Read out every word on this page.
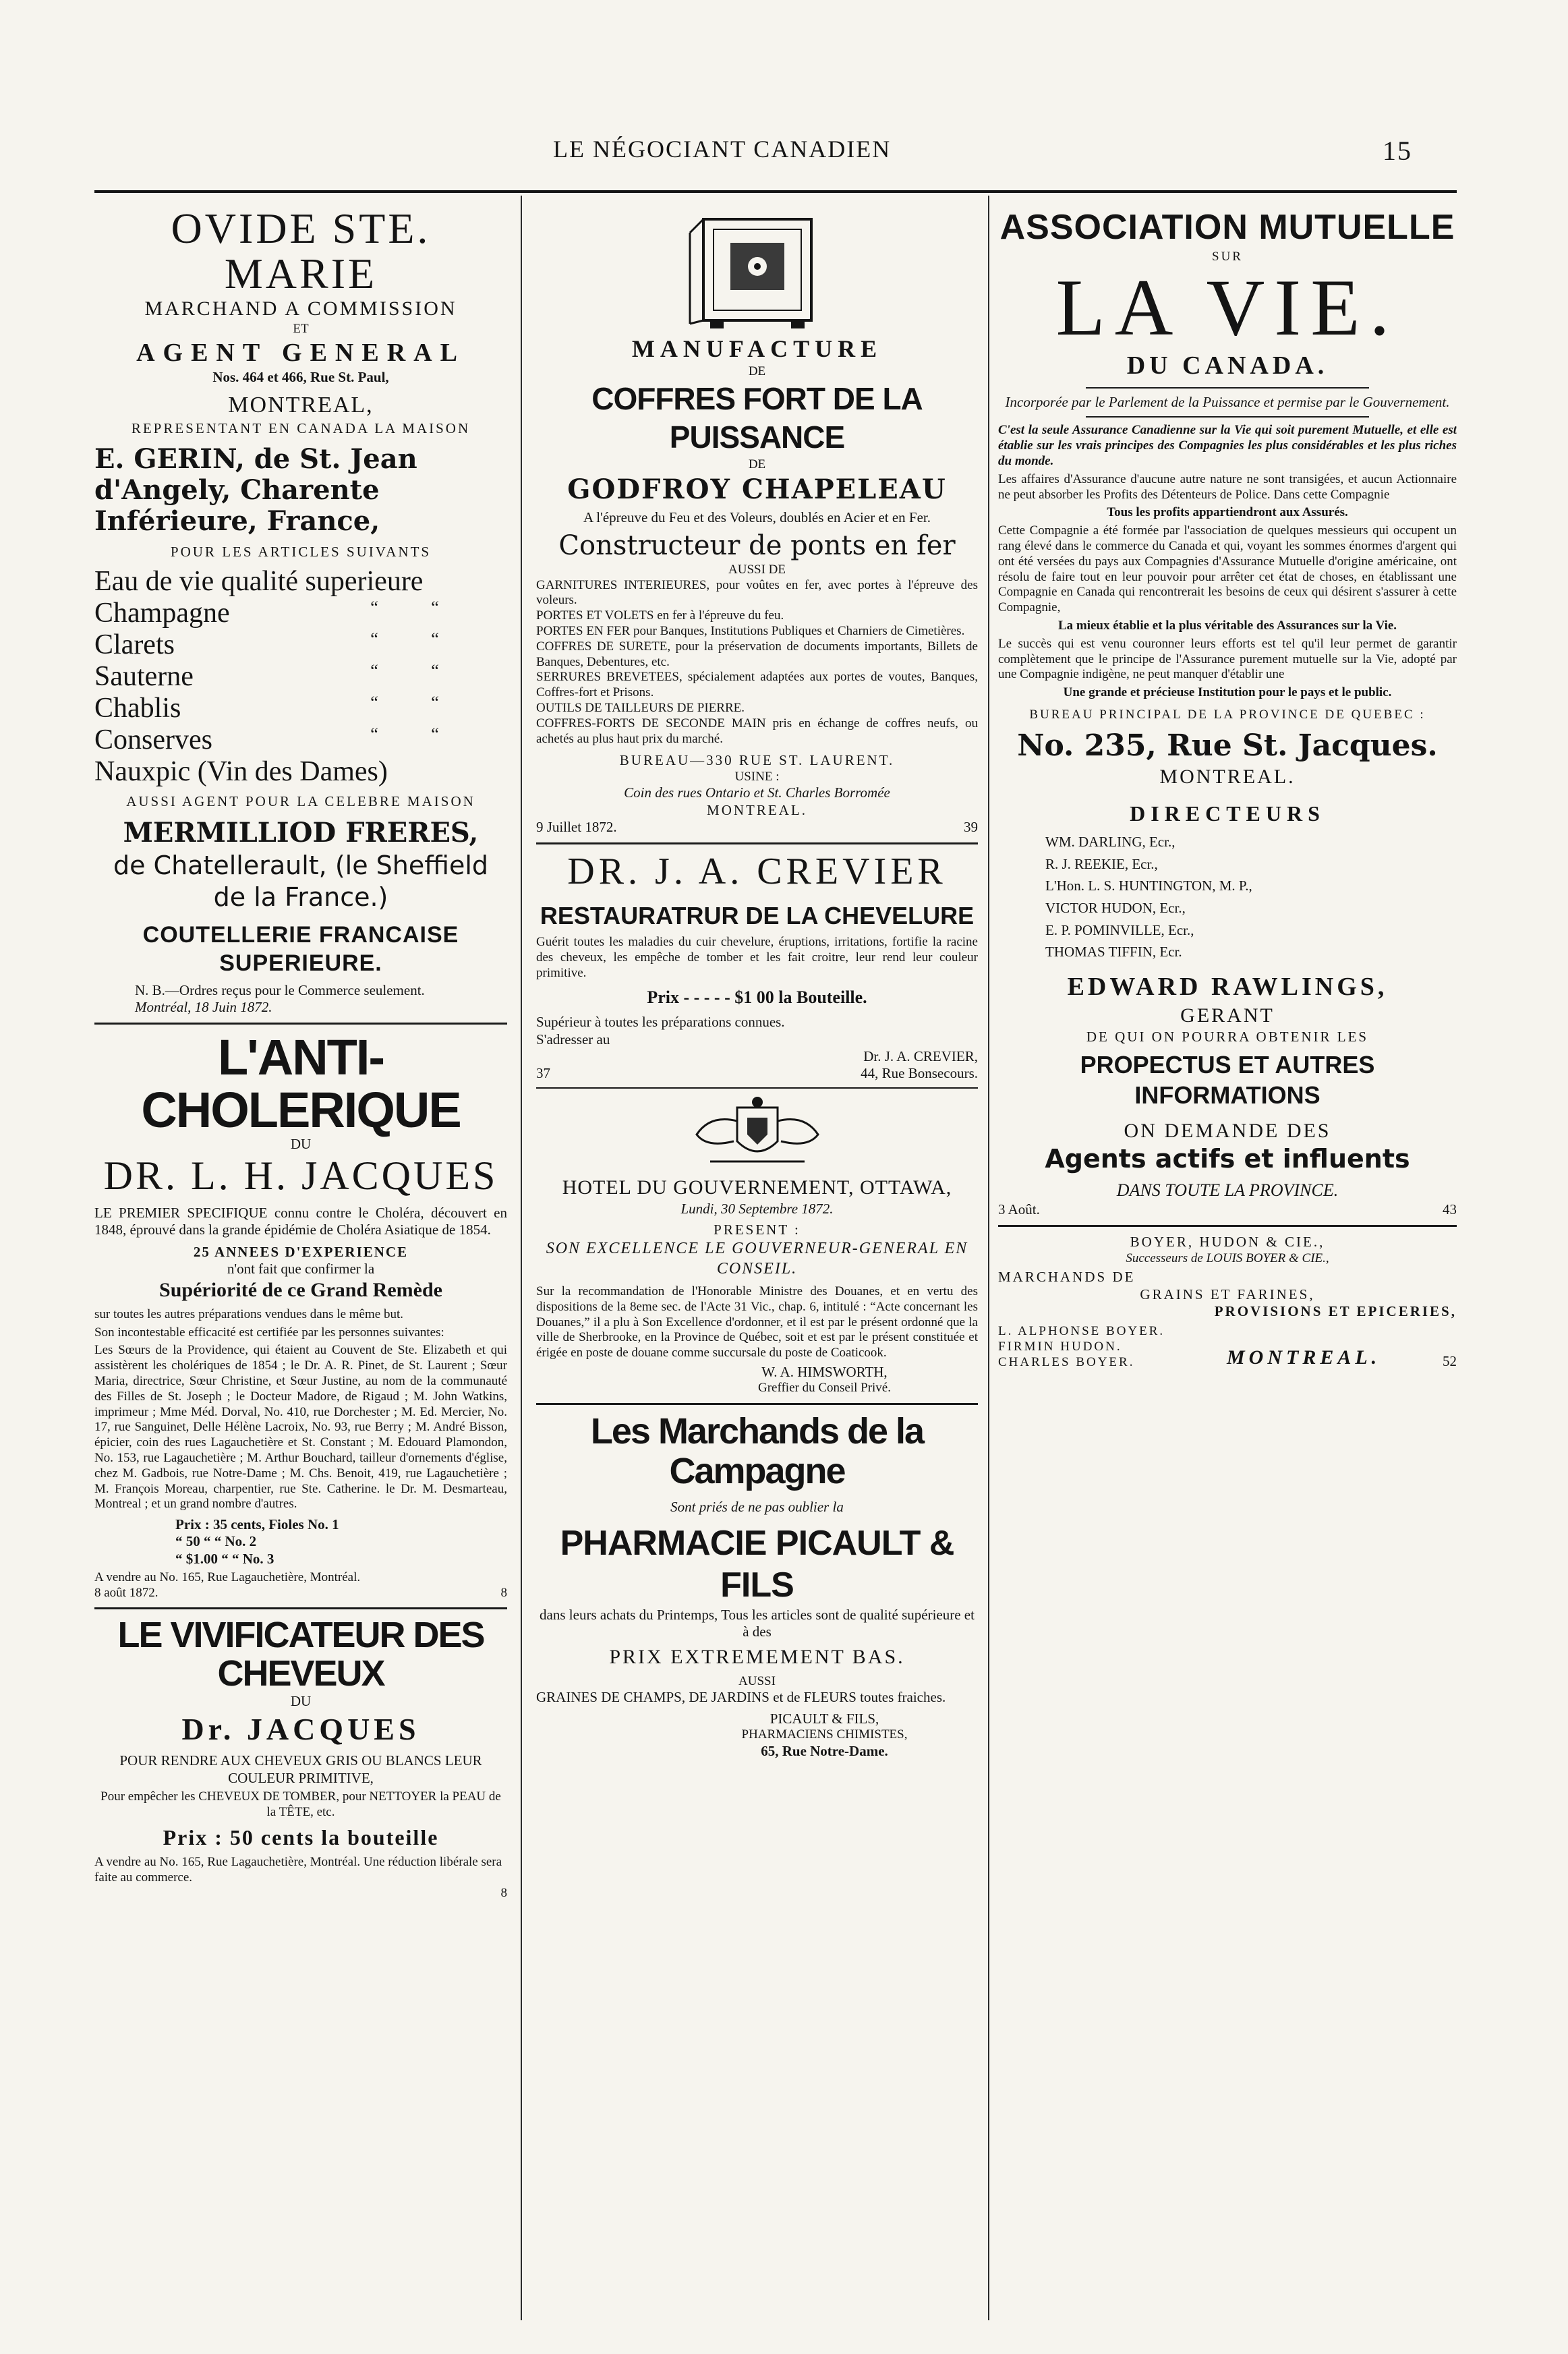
LE NÉGOCIANT CANADIEN	15
OVIDE STE. MARIE
MARCHAND A COMMISSION
ET
AGENT GENERAL
Nos. 464 et 466, Rue St. Paul,
MONTREAL,
REPRESENTANT EN CANADA LA MAISON
E. GERIN, de St. Jean d'Angely, Charente Inférieure, France,
POUR LES ARTICLES SUIVANTS
Eau de vie qualité superieure
Champagne	“	“
Clarets	“	“
Sauterne	“	“
Chablis	“	“
Conserves	“	“
Nauxpic (Vin des Dames)
AUSSI AGENT POUR LA CELEBRE MAISON
MERMILLIOD FRERES,
de Chatellerault, (le Sheffield de la France.)
COUTELLERIE FRANCAISE SUPERIEURE.
N. B.—Ordres reçus pour le Commerce seulement.
Montréal, 18 Juin 1872.
L'ANTI-CHOLERIQUE
DU
DR. L. H. JACQUES
LE PREMIER SPECIFIQUE connu contre le Choléra, découvert en 1848, éprouvé dans la grande épidémie de Choléra Asiatique de 1854.
25 ANNEES D'EXPERIENCE
n'ont fait que confirmer la
Supériorité de ce Grand Remède
sur toutes les autres préparations vendues dans le même but.
Son incontestable efficacité est certifiée par les personnes suivantes:
Les Sœurs de la Providence, qui étaient au Couvent de Ste. Elizabeth et qui assistèrent les cholériques de 1854 ; le Dr. A. R. Pinet, de St. Laurent ; Sœur Maria, directrice, Sœur Christine, et Sœur Justine, au nom de la communauté des Filles de St. Joseph ; le Docteur Madore, de Rigaud ; M. John Watkins, imprimeur ; Mme Méd. Dorval, No. 410, rue Dorchester ; M. Ed. Mercier, No. 17, rue Sanguinet, Delle Hélène Lacroix, No. 93, rue Berry ; M. André Bisson, épicier, coin des rues Lagauchetière et St. Constant ; M. Edouard Plamondon, No. 153, rue Lagauchetière ; M. Arthur Bouchard, tailleur d'ornements d'église, chez M. Gadbois, rue Notre-Dame ; M. Chs. Benoit, 419, rue Lagauchetière ; M. François Moreau, charpentier, rue Ste. Catherine. le Dr. M. Desmarteau, Montreal ; et un grand nombre d'autres.
Prix : 35 cents, Fioles No. 1
“ 50 “ “ No. 2
“ $1.00 “ “ No. 3
A vendre au No. 165, Rue Lagauchetière, Montréal.
8 août 1872.	8
LE VIVIFICATEUR DES CHEVEUX
DU
Dr. JACQUES
POUR RENDRE AUX CHEVEUX GRIS OU BLANCS LEUR COULEUR PRIMITIVE,
Pour empêcher les CHEVEUX DE TOMBER, pour NETTOYER la PEAU de la TÊTE, etc.
Prix : 50 cents la bouteille
A vendre au No. 165, Rue Lagauchetière, Montréal. Une réduction libérale sera faite au commerce.
8
MANUFACTURE
DE
COFFRES FORT DE LA PUISSANCE
DE
GODFROY CHAPELEAU
A l'épreuve du Feu et des Voleurs, doublés en Acier et en Fer.
Constructeur de ponts en fer
AUSSI DE
GARNITURES INTERIEURES, pour voûtes en fer, avec portes à l'épreuve des voleurs.
PORTES ET VOLETS en fer à l'épreuve du feu.
PORTES EN FER pour Banques, Institutions Publiques et Charniers de Cimetières.
COFFRES DE SURETE, pour la préservation de documents importants, Billets de Banques, Debentures, etc.
SERRURES BREVETEES, spécialement adaptées aux portes de voutes, Banques, Coffres-fort et Prisons.
OUTILS DE TAILLEURS DE PIERRE.
COFFRES-FORTS DE SECONDE MAIN pris en échange de coffres neufs, ou achetés au plus haut prix du marché.
BUREAU—330 RUE ST. LAURENT.
USINE :
Coin des rues Ontario et St. Charles Borromée
MONTREAL.
9 Juillet 1872.	39
DR. J. A. CREVIER
RESTAURATRUR DE LA CHEVELURE
Guérit toutes les maladies du cuir chevelure, éruptions, irritations, fortifie la racine des cheveux, les empêche de tomber et les fait croitre, leur rend leur couleur primitive.
Prix - - - - - $1 00 la Bouteille.
Supérieur à toutes les préparations connues.
S'adresser au
Dr. J. A. CREVIER,
37	44, Rue Bonsecours.
HOTEL DU GOUVERNEMENT, OTTAWA,
Lundi, 30 Septembre 1872.
PRESENT :
SON EXCELLENCE LE GOUVERNEUR-GENERAL EN CONSEIL.
Sur la recommandation de l'Honorable Ministre des Douanes, et en vertu des dispositions de la 8eme sec. de l'Acte 31 Vic., chap. 6, intitulé : “Acte concernant les Douanes,” il a plu à Son Excellence d'ordonner, et il est par le présent ordonné que la ville de Sherbrooke, en la Province de Québec, soit et est par le présent constituée et érigée en poste de douane comme succursale du poste de Coaticook.
W. A. HIMSWORTH,
Greffier du Conseil Privé.
Les Marchands de la Campagne
Sont priés de ne pas oublier la
PHARMACIE PICAULT & FILS
dans leurs achats du Printemps, Tous les articles sont de qualité supérieure et à des
PRIX EXTREMEMENT BAS.
AUSSI
GRAINES DE CHAMPS, DE JARDINS et de FLEURS toutes fraiches.
PICAULT & FILS,
PHARMACIENS CHIMISTES,
65, Rue Notre-Dame.
ASSOCIATION MUTUELLE
SUR
LA VIE.
DU CANADA.
Incorporée par le Parlement de la Puissance et permise par le Gouvernement.
C'est la seule Assurance Canadienne sur la Vie qui soit purement Mutuelle, et elle est établie sur les vrais principes des Compagnies les plus considérables et les plus riches du monde.
Les affaires d'Assurance d'aucune autre nature ne sont transigées, et aucun Actionnaire ne peut absorber les Profits des Détenteurs de Police. Dans cette Compagnie
Tous les profits appartiendront aux Assurés.
Cette Compagnie a été formée par l'association de quelques messieurs qui occupent un rang élevé dans le commerce du Canada et qui, voyant les sommes énormes d'argent qui ont été versées du pays aux Compagnies d'Assurance Mutuelle d'origine américaine, ont résolu de faire tout en leur pouvoir pour arrêter cet état de choses, en établissant une Compagnie en Canada qui rencontrerait les besoins de ceux qui désirent s'assurer à cette Compagnie,
La mieux établie et la plus véritable des Assurances sur la Vie.
Le succès qui est venu couronner leurs efforts est tel qu'il leur permet de garantir complètement que le principe de l'Assurance purement mutuelle sur la Vie, adopté par une Compagnie indigène, ne peut manquer d'établir une
Une grande et précieuse Institution pour le pays et le public.
BUREAU PRINCIPAL DE LA PROVINCE DE QUEBEC :
No. 235, Rue St. Jacques.
MONTREAL.
DIRECTEURS
WM. DARLING, Ecr.,
R. J. REEKIE, Ecr.,
L'Hon. L. S. HUNTINGTON, M. P.,
VICTOR HUDON, Ecr.,
E. P. POMINVILLE, Ecr.,
THOMAS TIFFIN, Ecr.
EDWARD RAWLINGS,
GERANT
DE QUI ON POURRA OBTENIR LES
PROPECTUS ET AUTRES INFORMATIONS
ON DEMANDE DES
Agents actifs et influents
DANS TOUTE LA PROVINCE.
3 Août.	43
BOYER, HUDON & CIE.,
Successeurs de LOUIS BOYER & CIE.,
MARCHANDS DE
GRAINS ET FARINES,
PROVISIONS ET EPICERIES,
L. ALPHONSE BOYER.
FIRMIN HUDON.
CHARLES BOYER.	MONTREAL.	52
